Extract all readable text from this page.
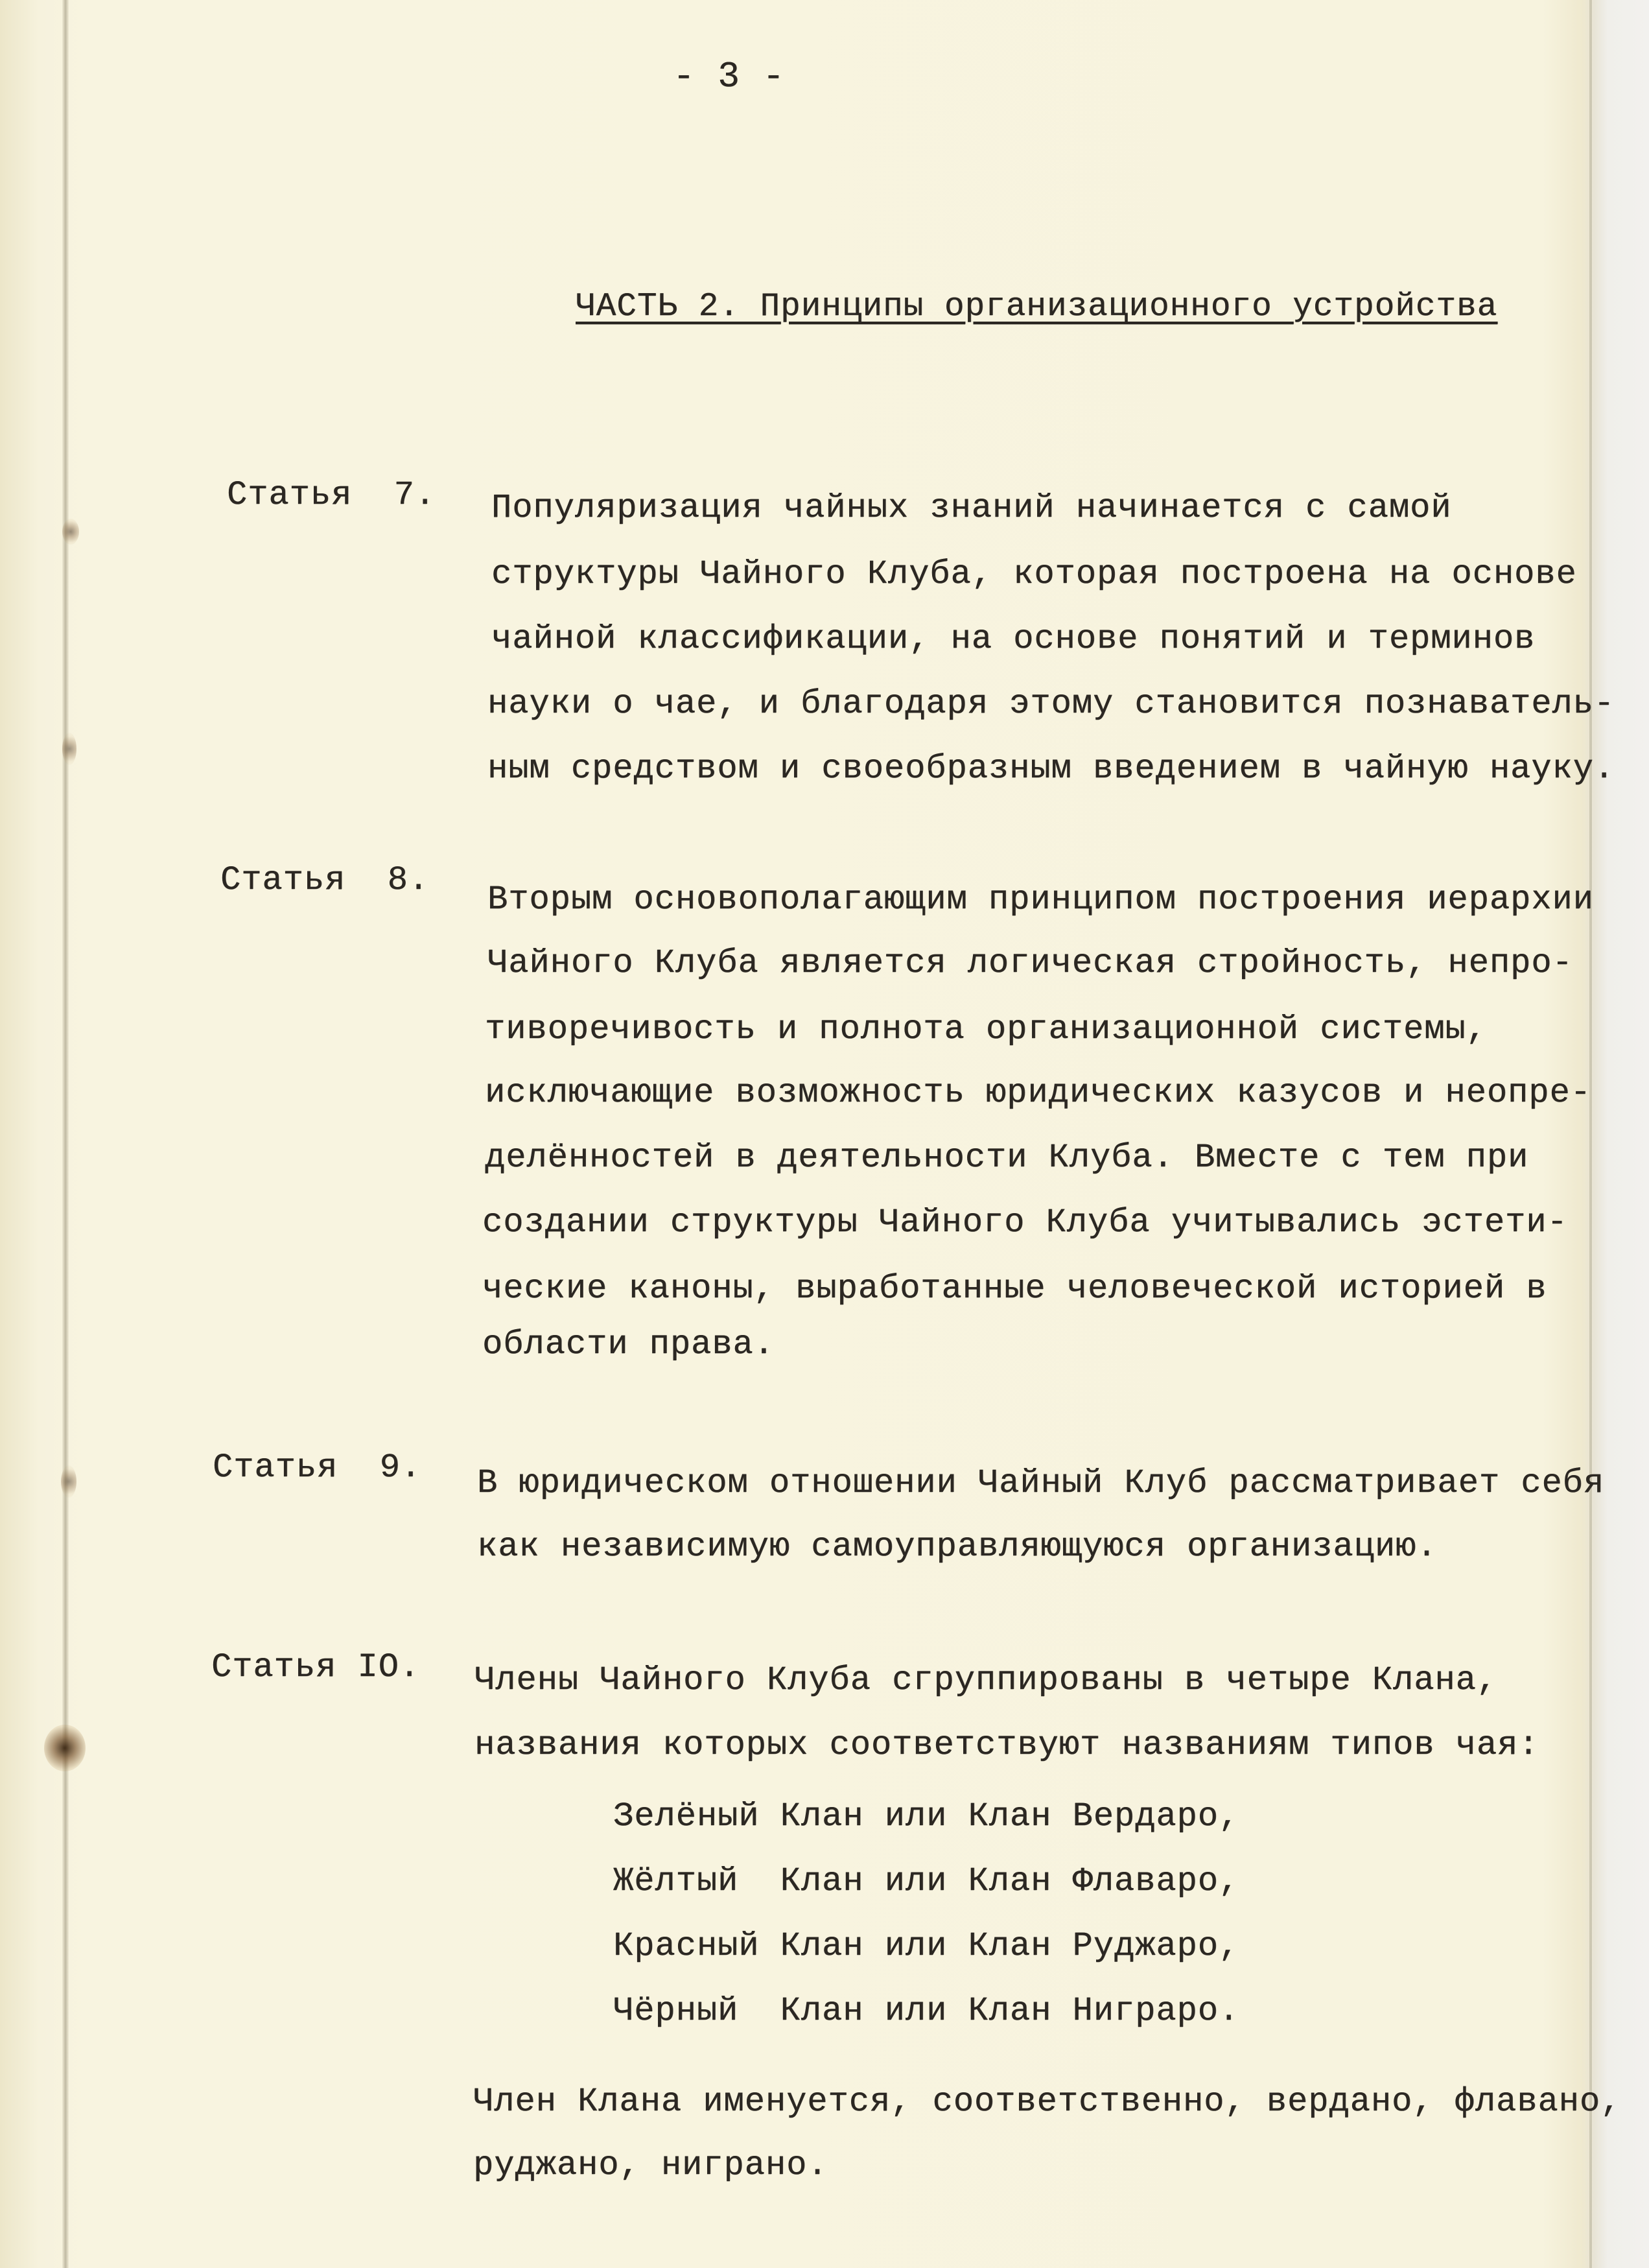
- 3 -
ЧАСТЬ 2. Принципы организационного устройства
Статья  7. Популяризация чайных знаний начинается с самой
структуры Чайного Клуба, которая построена на основе
чайной классификации, на основе понятий и терминов
науки о чае, и благодаря этому становится познаватель-
ным средством и своеобразным введением в чайную науку.
Статья  8.
Вторым основополагающим принципом построения иерархии
Чайного Клуба является логическая стройность, непро-
тиворечивость и полнота организационной системы,
исключающие возможность юридических казусов и неопре-
делённостей в деятельности Клуба. Вместе с тем при
создании структуры Чайного Клуба учитывались эстети-
ческие каноны, выработанные человеческой историей в
области права.
Статья  9. В юридическом отношении Чайный Клуб рассматривает себя
как независимую самоуправляющуюся организацию.
Статья IO. Члены Чайного Клуба сгруппированы в четыре Клана,
названия которых соответствуют названиям типов чая:
Зелёный Клан или Клан Вердаро,
Жёлтый  Клан или Клан Флаваро,
Красный Клан или Клан Руджаро,
Чёрный  Клан или Клан Ниграро.
Член Клана именуется, соответственно, вердано, флавано,
руджано, ниграно.
